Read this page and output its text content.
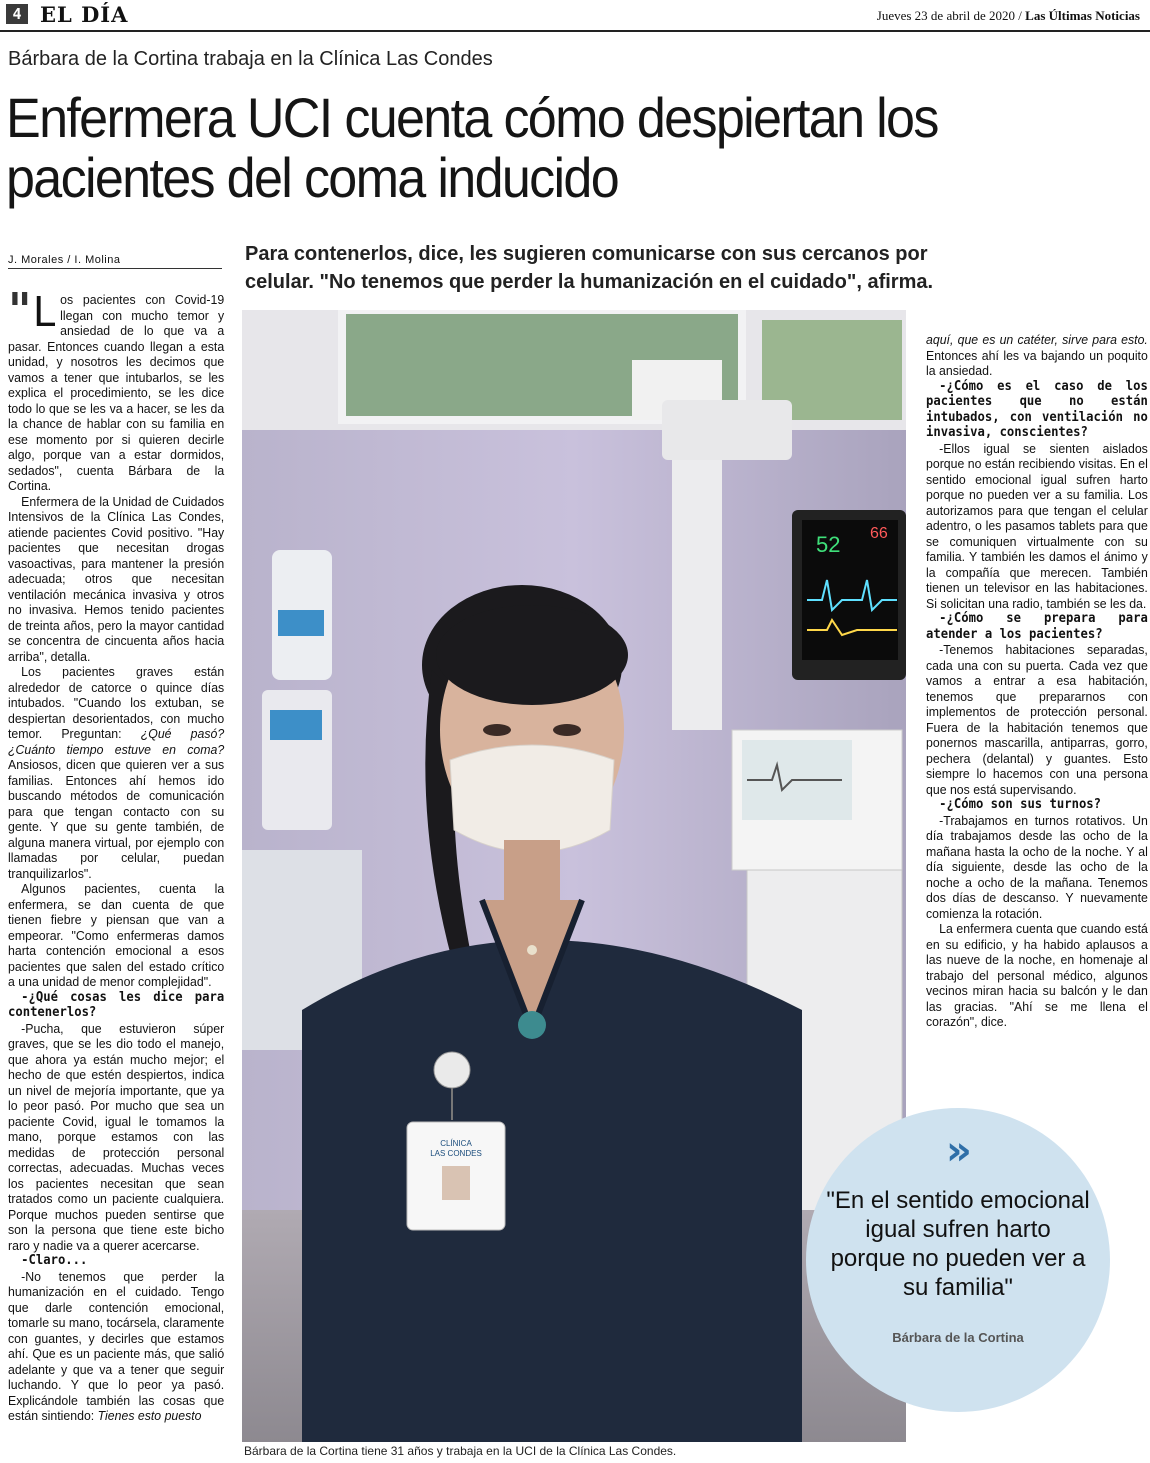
4 EL DÍA	Jueves 23 de abril de 2020 / Las Últimas Noticias
Bárbara de la Cortina trabaja en la Clínica Las Condes
Enfermera UCI cuenta cómo despiertan los pacientes del coma inducido
J. Morales / I. Molina	Para contenerlos, dice, les sugieren comunicarse con sus cercanos por celular. "No tenemos que perder la humanización en el cuidado", afirma.

" L os pacientes con Covid-19 llegan con mucho temor y ansiedad de lo que va a pasar. Entonces cuando llegan a esta unidad, y nosotros les decimos que vamos a tener que intubarlos, se les explica el procedimiento, se les dice todo lo que se les va a hacer, se les da la chance de hablar con su familia en ese momento por si quieren decirle algo, porque van a estar dormidos, sedados", cuenta Bárbara de la Cortina.

Enfermera de la Unidad de Cuidados Intensivos de la Clínica Las Condes, atiende pacientes Covid positivo. "Hay pacientes que necesitan drogas vasoactivas, para mantener la presión adecuada; otros que necesitan ventilación mecánica invasiva y otros no invasiva. Hemos tenido pacientes de treinta años, pero la mayor cantidad se concentra de cincuenta años hacia arriba", detalla.

Los pacientes graves están alrededor de catorce o quince días intubados. "Cuando los extuban, se despiertan desorientados, con mucho temor. Preguntan: ¿Qué pasó? ¿Cuánto tiempo estuve en coma? Ansiosos, dicen que quieren ver a sus familias. Entonces ahí hemos ido buscando métodos de comunicación para que tengan contacto con su gente. Y que su gente también, de alguna manera virtual, por ejemplo con llamadas por celular, puedan tranquilizarlos".

Algunos pacientes, cuenta la enfermera, se dan cuenta de que tienen fiebre y piensan que van a empeorar. "Como enfermeras damos harta contención emocional a esos pacientes que salen del estado crítico a una unidad de menor complejidad".

-¿Qué cosas les dice para contenerlos?

-Pucha, que estuvieron súper graves, que se les dio todo el manejo, que ahora ya están mucho mejor; el hecho de que estén despiertos, indica un nivel de mejoría importante, que ya lo peor pasó. Por mucho que sea un paciente Covid, igual le tomamos la mano, porque estamos con las medidas de protección personal correctas, adecuadas. Muchas veces los pacientes necesitan que sean tratados como un paciente cualquiera. Porque muchos pueden sentirse que son la persona que tiene este bicho raro y nadie va a querer acercarse.

-Claro...

-No tenemos que perder la humanización en el cuidado. Tengo que darle contención emocional, tomarle su mano, tocársela, claramente con guantes, y decirles que estamos ahí. Que es un paciente más, que salió adelante y que va a tener que seguir luchando. Y que lo peor ya pasó. Explicándole también las cosas que están sintiendo: Tienes esto puesto

52 66
CLÍNICA
LAS CONDES
Bárbara de la Cortina tiene 31 años y trabaja en la UCI de la Clínica Las Condes.

aquí, que es un catéter, sirve para esto. Entonces ahí les va bajando un poquito la ansiedad.

-¿Cómo es el caso de los pacientes que no están intubados, con ventilación no invasiva, conscientes?

-Ellos igual se sienten aislados porque no están recibiendo visitas. En el sentido emocional igual sufren harto porque no pueden ver a su familia. Los autorizamos para que tengan el celular adentro, o les pasamos tablets para que se comuniquen virtualmente con su familia. Y también les damos el ánimo y la compañía que merecen. También tienen un televisor en las habitaciones. Si solicitan una radio, también se les da.

-¿Cómo se prepara para atender a los pacientes?

-Tenemos habitaciones separadas, cada una con su puerta. Cada vez que vamos a entrar a esa habitación, tenemos que prepararnos con implementos de protección personal. Fuera de la habitación tenemos que ponernos mascarilla, antiparras, gorro, pechera (delantal) y guantes. Esto siempre lo hacemos con una persona que nos está supervisando.

-¿Cómo son sus turnos?

-Trabajamos en turnos rotativos. Un día trabajamos desde las ocho de la mañana hasta la ocho de la noche. Y al día siguiente, desde las ocho de la noche a ocho de la mañana. Tenemos dos días de descanso. Y nuevamente comienza la rotación.

La enfermera cuenta que cuando está en su edificio, y ha habido aplausos a las nueve de la noche, en homenaje al trabajo del personal médico, algunos vecinos miran hacia su balcón y le dan las gracias. "Ahí se me llena el corazón", dice.

»
"En el sentido emocional igual sufren harto porque no pueden ver a su familia"
Bárbara de la Cortina
